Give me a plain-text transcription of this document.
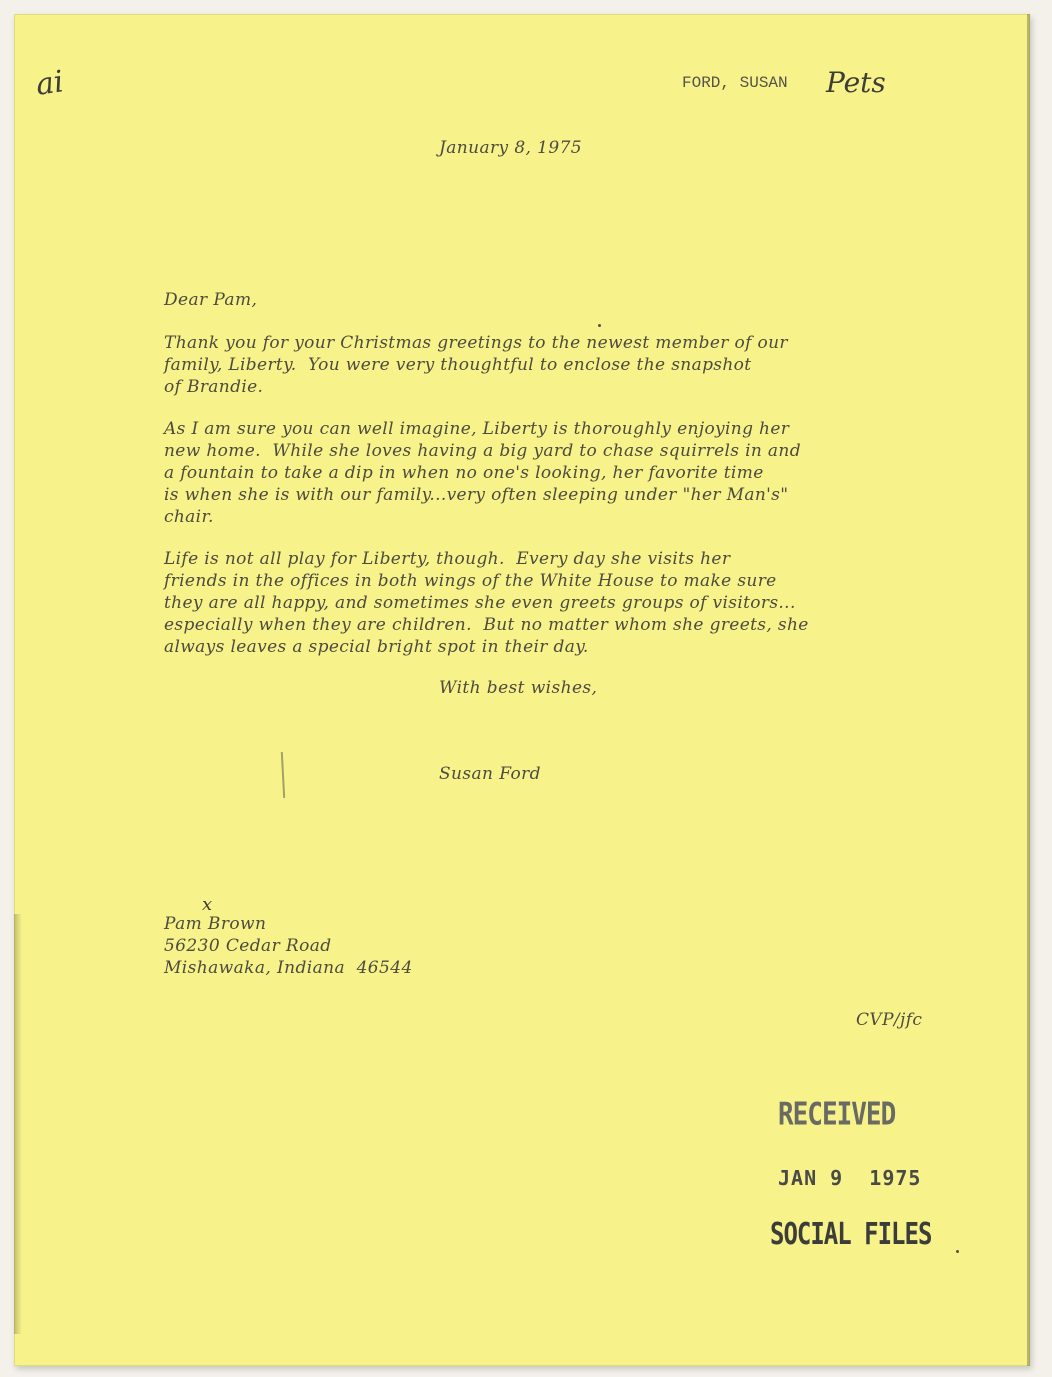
ai	FORD, SUSAN Pets
January 8, 1975
Dear Pam,
Thank you for your Christmas greetings to the newest member of our
family, Liberty.  You were very thoughtful to enclose the snapshot
of Brandie.
As I am sure you can well imagine, Liberty is thoroughly enjoying her
new home.  While she loves having a big yard to chase squirrels in and
a fountain to take a dip in when no one's looking, her favorite time
is when she is with our family...very often sleeping under "her Man's"
chair.
Life is not all play for Liberty, though.  Every day she visits her
friends in the offices in both wings of the White House to make sure
they are all happy, and sometimes she even greets groups of visitors...
especially when they are children.  But no matter whom she greets, she
always leaves a special bright spot in their day.
With best wishes,
Susan Ford
x
Pam Brown
56230 Cedar Road
Mishawaka, Indiana  46544
CVP/jfc
RECEIVED
JAN 9  1975
SOCIAL FILES
